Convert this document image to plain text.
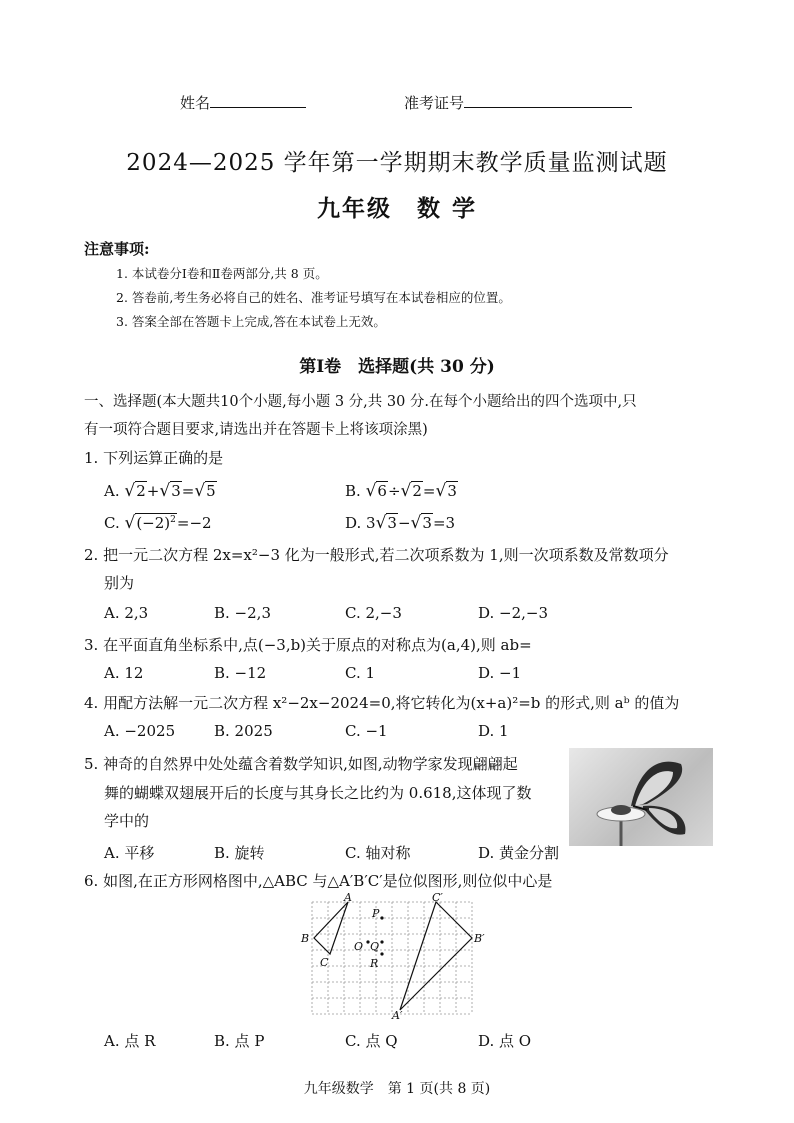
姓名	准考证号
2024—2025 学年第一学期期末教学质量监测试题
九年级　数 学
注意事项:
1. 本试卷分Ⅰ卷和Ⅱ卷两部分,共 8 页。
2. 答卷前,考生务必将自己的姓名、准考证号填写在本试卷相应的位置。
3. 答案全部在答题卡上完成,答在本试卷上无效。
第Ⅰ卷　选择题(共 30 分)
一、选择题(本大题共10个小题,每小题 3 分,共 30 分.在每个小题给出的四个选项中,只
有一项符合题目要求,请选出并在答题卡上将该项涂黑)
1. 下列运算正确的是
A. √2+√3=√5	B. √6÷√2=√3
C. $√(-2)^2=-2$	D. 3√3−√3=3
2. 把一元二次方程 2x=x²−3 化为一般形式,若二次项系数为 1,则一次项系数及常数项分
别为
A. 2,3	B. −2,3	C. 2,−3	D. −2,−3
3. 在平面直角坐标系中,点(−3,b)关于原点的对称点为(a,4),则 ab=
A. 12	B. −12	C. 1	D. −1
4. 用配方法解一元二次方程 x²−2x−2024=0,将它转化为(x+a)²=b 的形式,则 aᵇ 的值为
A. −2025	B. 2025	C. −1	D. 1
5. 神奇的自然界中处处蕴含着数学知识,如图,动物学家发现翩翩起
舞的蝴蝶双翅展开后的长度与其身长之比约为 0.618,这体现了数
学中的
A. 平移	B. 旋转	C. 轴对称	D. 黄金分割
6. 如图,在正方形网格图中,△ABC 与△A′B′C′是位似图形,则位似中心是
A
B
C
P
O Q
R
C′
B′
A′
A. 点 R	B. 点 P	C. 点 Q	D. 点 O
九年级数学　第 1 页(共 8 页)
